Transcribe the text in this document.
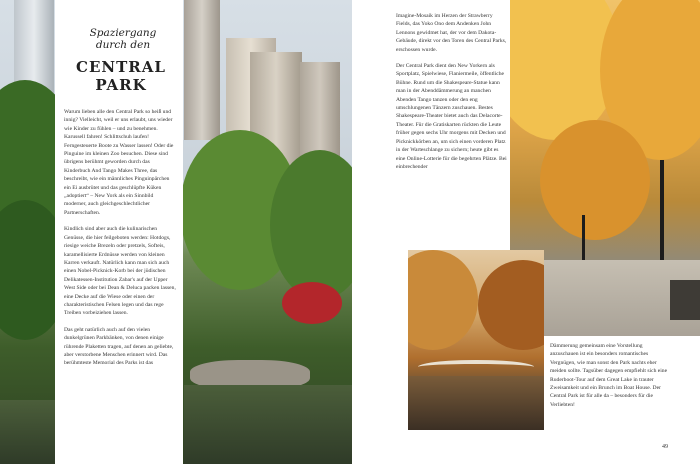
Spaziergang durch den
CENTRAL PARK

Warum lieben alle den Central Park so heiß und innig? Vielleicht, weil er uns erlaubt, uns wieder wie Kinder zu fühlen – und zu benehmen. Karussell fahren! Schlittschuh laufen! Ferngesteuerte Boote zu Wasser lassen! Oder die Pinguine im kleinen Zoo besuchen. Diese sind übrigens berühmt geworden durch das Kinderbuch And Tango Makes Three, das beschreibt, wie ein männliches Pinguinpärchen ein Ei ausbrütet und das geschlüpfte Küken „adoptiert“ – New York als ein Sinnbild moderner, auch gleichgeschlechtlicher Partnerschaften.

Kindlich sind aber auch die kulinarischen Genüsse, die hier feilgeboten werden: Hotdogs, riesige weiche Brezeln oder pretzels, Softeis, karamellisierte Erdnüsse werden von kleinen Karren verkauft. Natürlich kann man sich auch einen Nobel-Picknick-Korb bei der jüdischen Delikatessen-Institution Zabar's auf der Upper West Side oder bei Dean & Deluca packen lassen, eine Decke auf die Wiese oder einen der charakteristischen Felsen legen und das rege Treiben vorbeiziehen lassen.

Das geht natürlich auch auf den vielen dunkelgrünen Parkbänken, von denen einige rührende Plaketten tragen, auf denen an geliebte, aber verstorbene Menschen erinnert wird. Das berühmteste Memorial des Parks ist das

Imagine-Mosaik im Herzen der Strawberry Fields, das Yoko Ono dem Andenken John Lennons gewidmet hat, der vor dem Dakota-Gebäude, direkt vor den Toren des Central Parks, erschossen wurde.

Der Central Park dient den New Yorkern als Sportplatz, Spielwiese, Flaniermeile, öffentliche Bühne. Rund um die Shakespeare-Statue kann man in der Abenddämmerung an manchen Abenden Tango tanzen oder den eng umschlungenen Tänzern zuschauen. Bestes Shakespeare-Theater bietet auch das Delacorte-Theater. Für die Gratiskarten rückten die Leute früher gegen sechs Uhr morgens mit Decken und Picknickkörben an, um sich einen vorderen Platz in der Warteschlange zu sichern; heute gibt es eine Online-Lotterie für die begehrten Plätze. Bei einbrechender

Dämmerung gemeinsam eine Vorstellung anzuschauen ist ein besonders romantisches Vergnügen, wie man sonst den Park nachts eher meiden sollte. Tagsüber dagegen empfiehlt sich eine Ruderboot-Tour auf dem Great Lake in trauter Zweisamkeit und ein Brunch im Boat House. Der Central Park ist für alle da – besonders für die Verliebten!

49
